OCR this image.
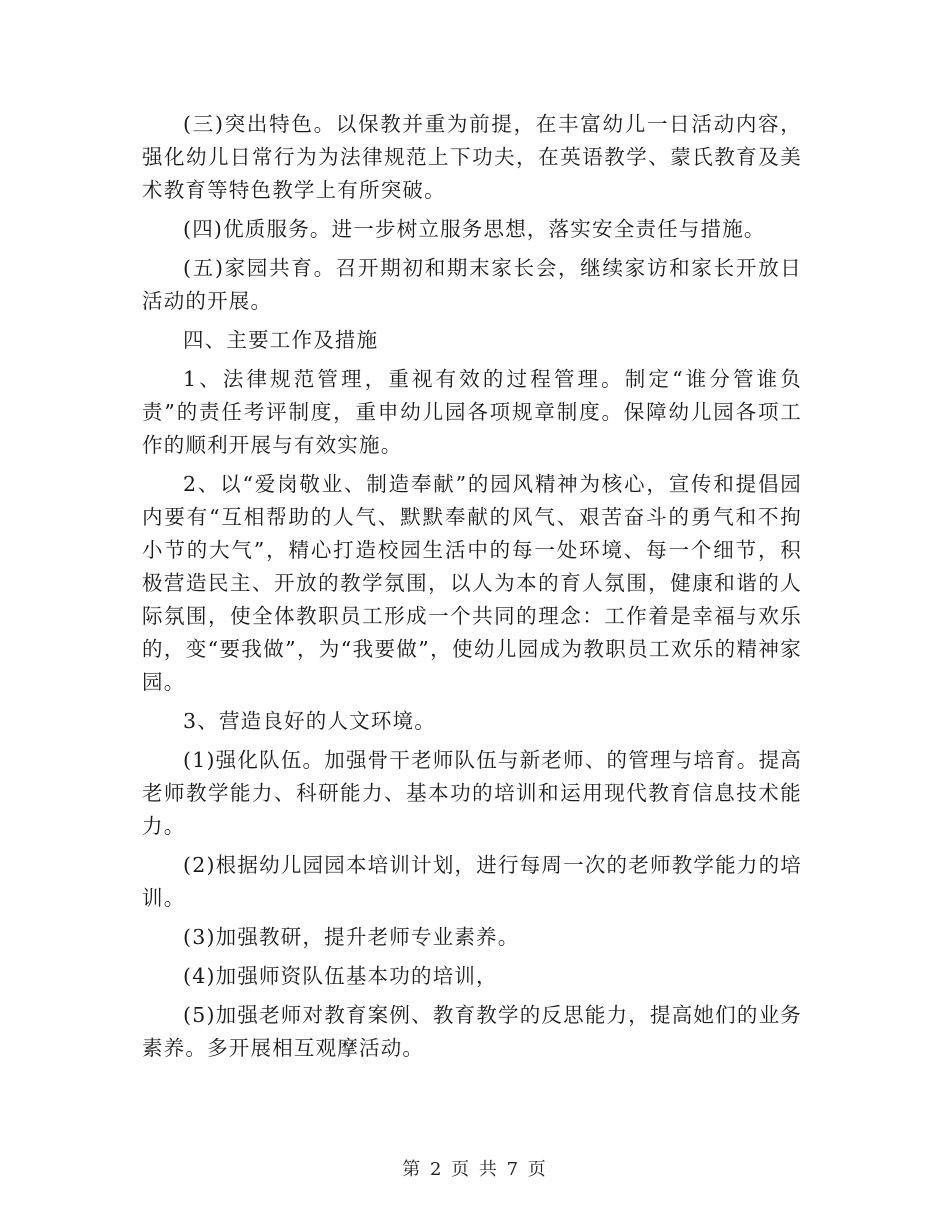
(三)突出特色。以保教并重为前提，在丰富幼儿一日活动内容，强化幼儿日常行为为法律规范上下功夫，在英语教学、蒙氏教育及美术教育等特色教学上有所突破。

(四)优质服务。进一步树立服务思想，落实安全责任与措施。

(五)家园共育。召开期初和期末家长会，继续家访和家长开放日活动的开展。

四、主要工作及措施

1、法律规范管理，重视有效的过程管理。制定“谁分管谁负责”的责任考评制度，重申幼儿园各项规章制度。保障幼儿园各项工作的顺利开展与有效实施。

2、以“爱岗敬业、制造奉献”的园风精神为核心，宣传和提倡园内要有“互相帮助的人气、默默奉献的风气、艰苦奋斗的勇气和不拘小节的大气”，精心打造校园生活中的每一处环境、每一个细节，积极营造民主、开放的教学氛围，以人为本的育人氛围，健康和谐的人际氛围，使全体教职员工形成一个共同的理念：工作着是幸福与欢乐的，变“要我做”，为“我要做”，使幼儿园成为教职员工欢乐的精神家园。

3、营造良好的人文环境。

(1)强化队伍。加强骨干老师队伍与新老师、的管理与培育。提高老师教学能力、科研能力、基本功的培训和运用现代教育信息技术能力。

(2)根据幼儿园园本培训计划，进行每周一次的老师教学能力的培训。

(3)加强教研，提升老师专业素养。

(4)加强师资队伍基本功的培训，

(5)加强老师对教育案例、教育教学的反思能力，提高她们的业务素养。多开展相互观摩活动。

第 2 页 共 7 页
